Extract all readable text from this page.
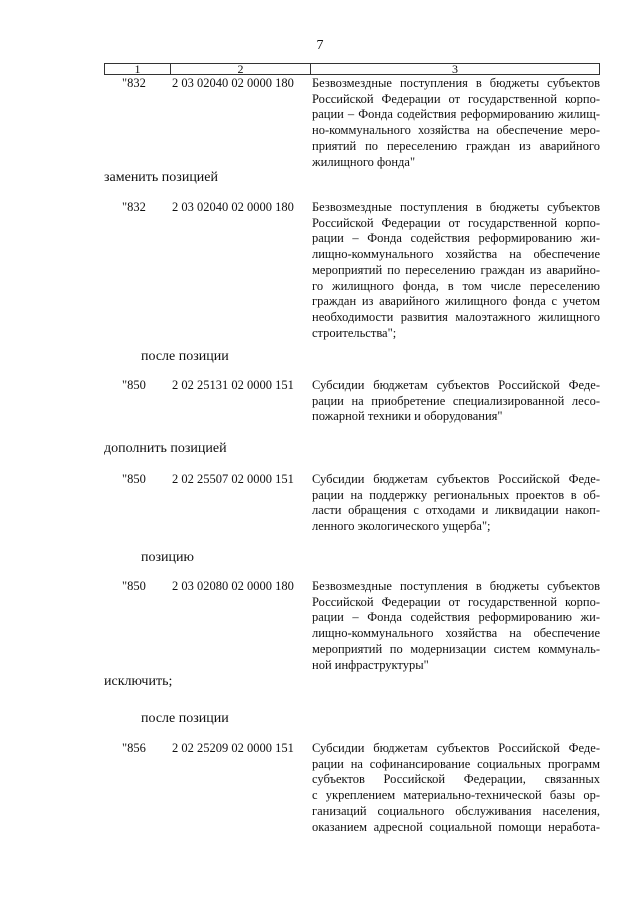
7
1	2	3
"832 2 03 02040 02 0000 180 Безвозмездные поступления в бюджеты субъектов
Российской Федерации от государственной корпо-
рации – Фонда содействия реформированию жилищ-
но-коммунального хозяйства на обеспечение меро-
приятий по переселению граждан из аварийного
жилищного фонда"
заменить позицией
"832 2 03 02040 02 0000 180 Безвозмездные поступления в бюджеты субъектов
Российской Федерации от государственной корпо-
рации – Фонда содействия реформированию жи-
лищно-коммунального хозяйства на обеспечение
мероприятий по переселению граждан из аварийно-
го жилищного фонда, в том числе переселению
граждан из аварийного жилищного фонда с учетом
необходимости развития малоэтажного жилищного
строительства";
после позиции
"850 2 02 25131 02 0000 151 Субсидии бюджетам субъектов Российской Феде-
рации на приобретение специализированной лесо-
пожарной техники и оборудования"
дополнить позицией
"850 2 02 25507 02 0000 151 Субсидии бюджетам субъектов Российской Феде-
рации на поддержку региональных проектов в об-
ласти обращения с отходами и ликвидации накоп-
ленного экологического ущерба";
позицию
"850 2 03 02080 02 0000 180 Безвозмездные поступления в бюджеты субъектов
Российской Федерации от государственной корпо-
рации – Фонда содействия реформированию жи-
лищно-коммунального хозяйства на обеспечение
мероприятий по модернизации систем коммуналь-
ной инфраструктуры"
исключить;
после позиции
"856 2 02 25209 02 0000 151 Субсидии бюджетам субъектов Российской Феде-
рации на софинансирование социальных программ
субъектов Российской Федерации, связанных
с укреплением материально-технической базы ор-
ганизаций социального обслуживания населения,
оказанием адресной социальной помощи неработа-
